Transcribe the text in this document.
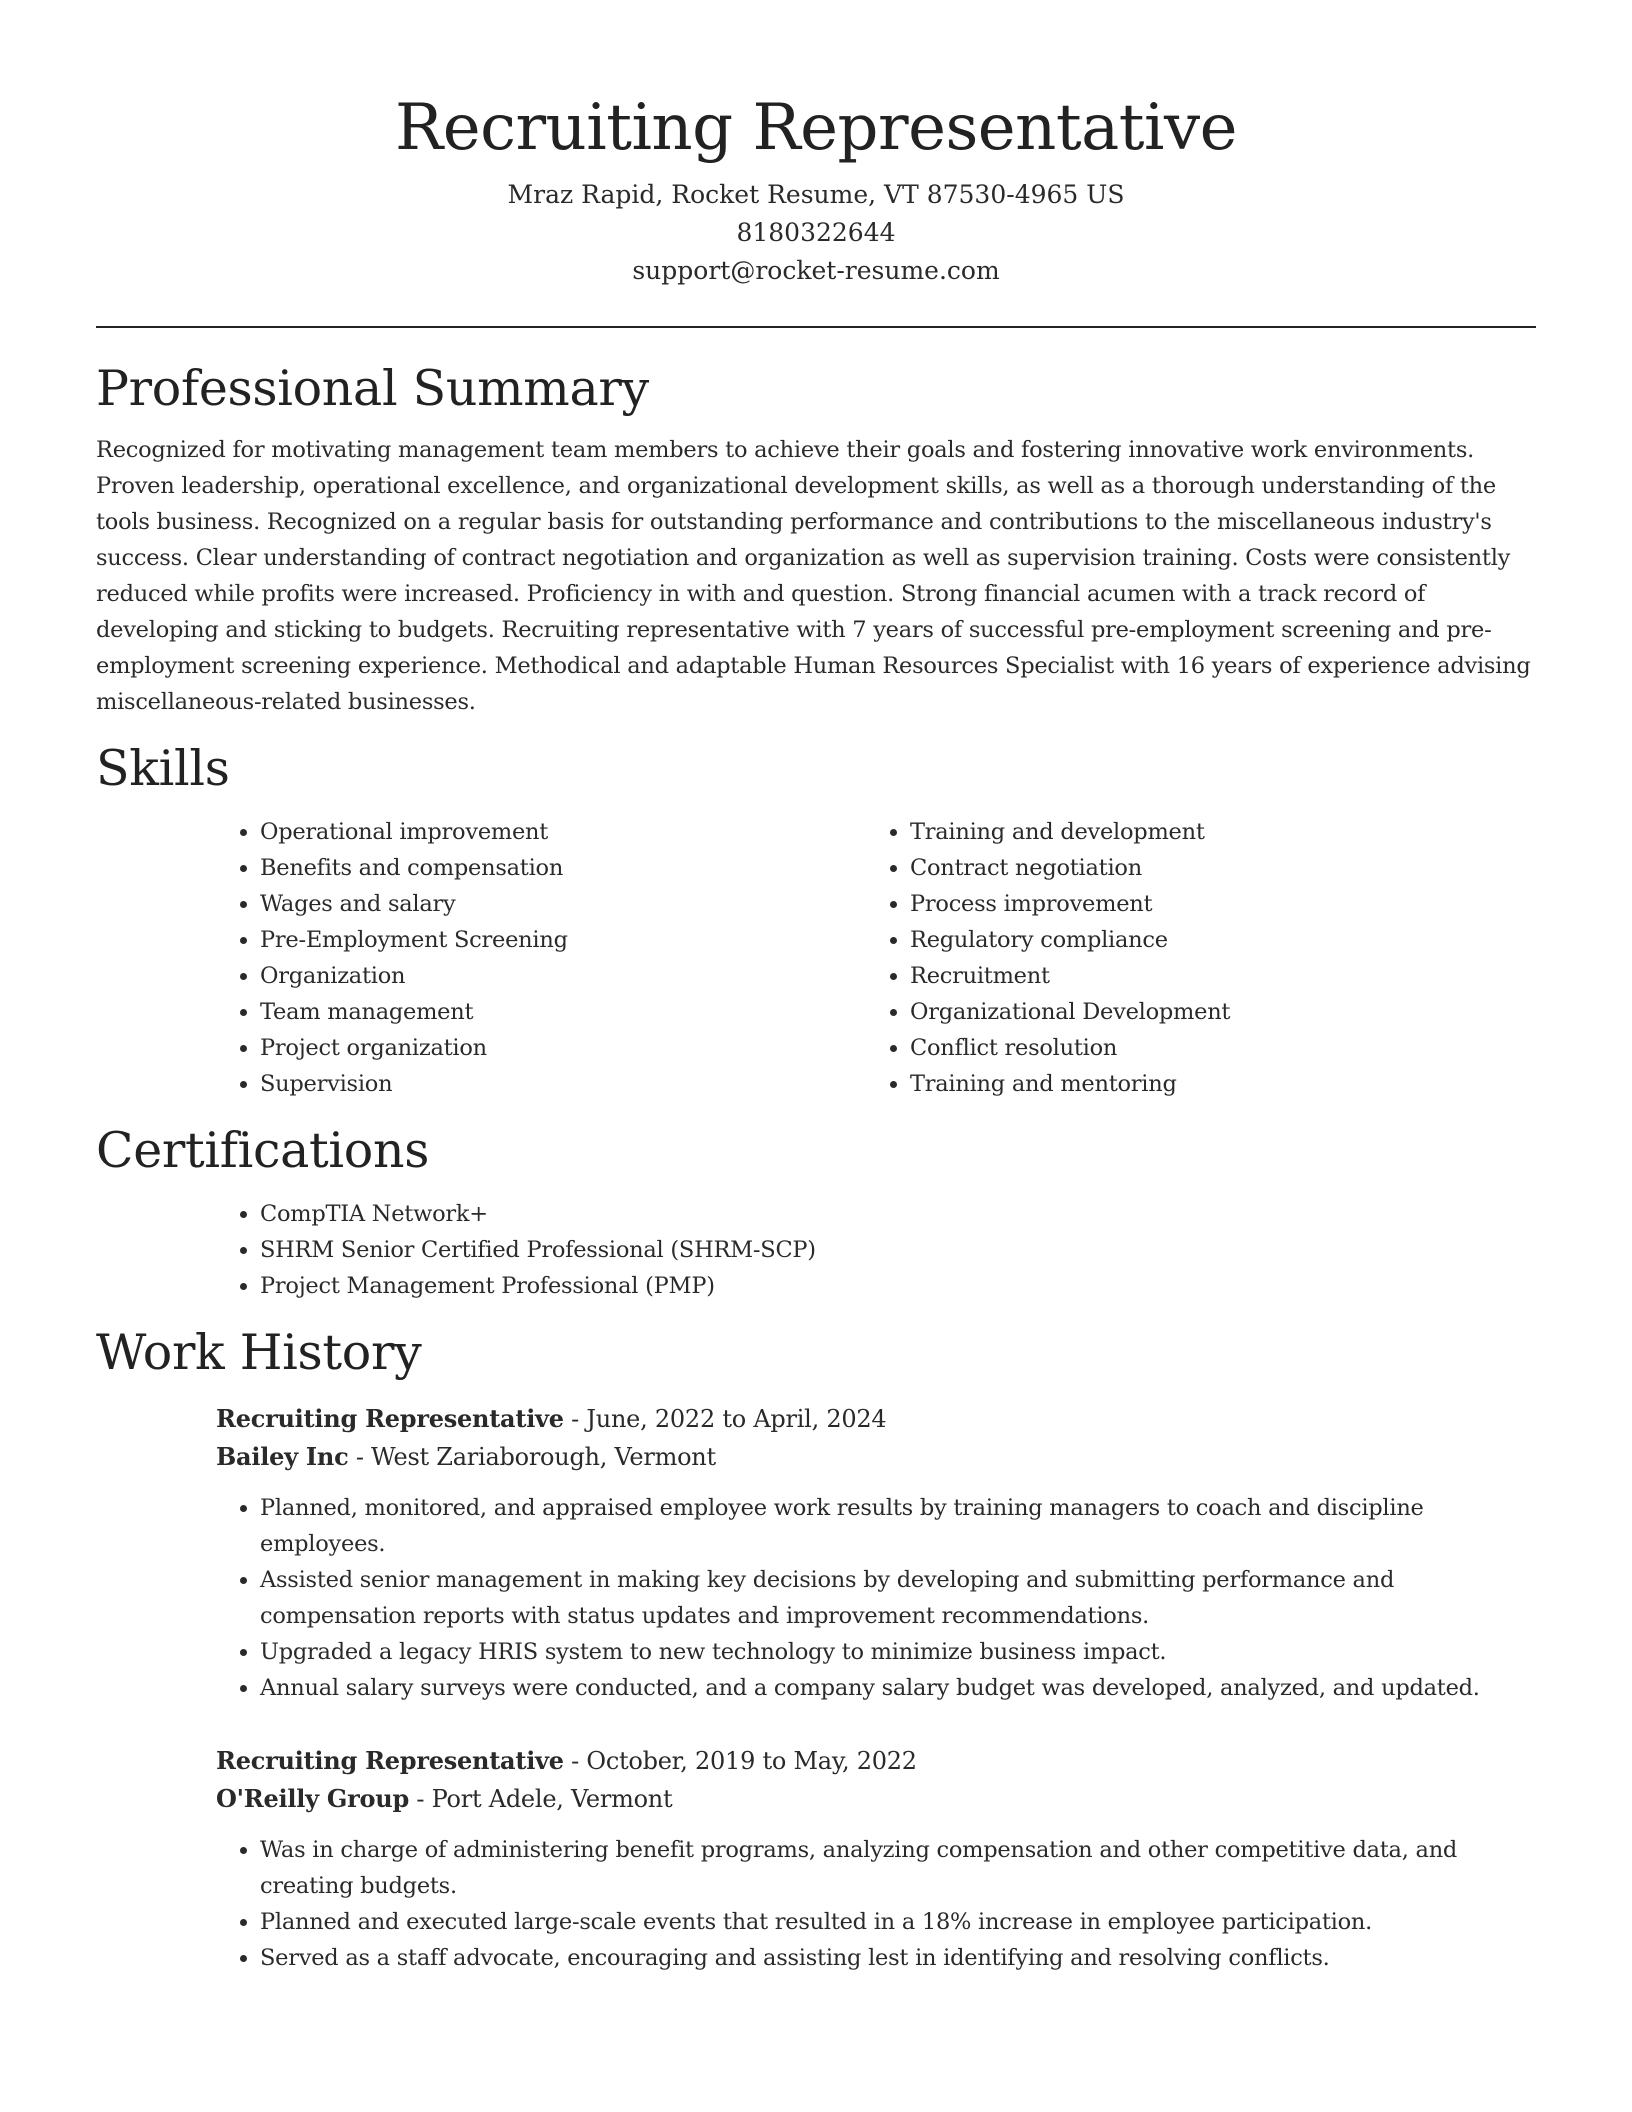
Recruiting Representative
Mraz Rapid, Rocket Resume, VT 87530-4965 US
8180322644
support@rocket-resume.com
Professional Summary

Recognized for motivating management team members to achieve their goals and fostering innovative work environments. Proven leadership, operational excellence, and organizational development skills, as well as a thorough understanding of the tools business. Recognized on a regular basis for outstanding performance and contributions to the miscellaneous industry's success. Clear understanding of contract negotiation and organization as well as supervision training. Costs were consistently reduced while profits were increased. Proficiency in with and question. Strong financial acumen with a track record of developing and sticking to budgets. Recruiting representative with 7 years of successful pre-employment screening and pre-employment screening experience. Methodical and adaptable Human Resources Specialist with 16 years of experience advising miscellaneous-related businesses.

Skills
• Operational improvement
• Benefits and compensation
• Wages and salary
• Pre-Employment Screening
• Organization
• Team management
• Project organization
• Supervision
• Training and development
• Contract negotiation
• Process improvement
• Regulatory compliance
• Recruitment
• Organizational Development
• Conflict resolution
• Training and mentoring
Certifications
• CompTIA Network+
• SHRM Senior Certified Professional (SHRM-SCP)
• Project Management Professional (PMP)
Work History
Recruiting Representative - June, 2022 to April, 2024
Bailey Inc - West Zariaborough, Vermont
• Planned, monitored, and appraised employee work results by training managers to coach and discipline employees.
• Assisted senior management in making key decisions by developing and submitting performance and compensation reports with status updates and improvement recommendations.
• Upgraded a legacy HRIS system to new technology to minimize business impact.
• Annual salary surveys were conducted, and a company salary budget was developed, analyzed, and updated.
Recruiting Representative - October, 2019 to May, 2022
O'Reilly Group - Port Adele, Vermont
• Was in charge of administering benefit programs, analyzing compensation and other competitive data, and creating budgets.
• Planned and executed large-scale events that resulted in a 18% increase in employee participation.
• Served as a staff advocate, encouraging and assisting lest in identifying and resolving conflicts.
